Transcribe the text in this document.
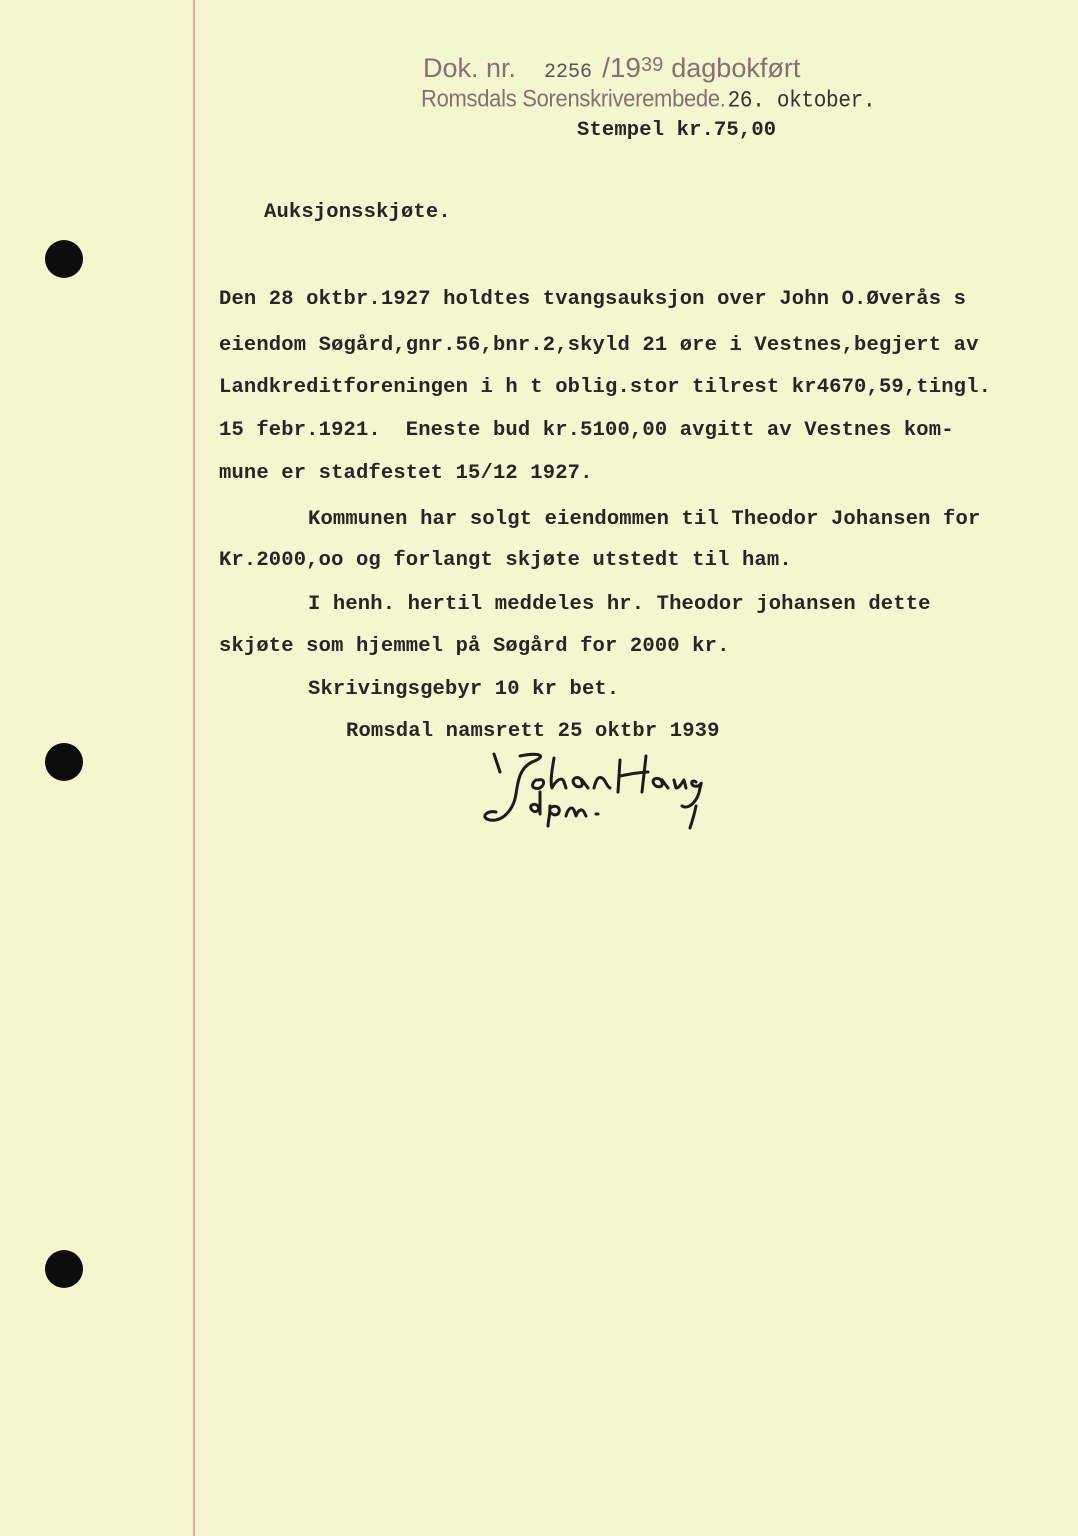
Dok. nr. 2256 $/19^{39}$ dagbokført
Romsdals Sorenskriverembede.26. oktober.
Stempel kr.75,00
Auksjonsskjøte.
Den 28 oktbr.1927 holdtes tvangsauksjon over John O.Øverås s
eiendom Søgård,gnr.56,bnr.2,skyld 21 øre i Vestnes,begjert av
Landkreditforeningen i h t oblig.stor tilrest kr4670,59,tingl.
15 febr.1921.  Eneste bud kr.5100,00 avgitt av Vestnes kom-
mune er stadfestet 15/12 1927.
Kommunen har solgt eiendommen til Theodor Johansen for
Kr.2000,oo og forlangt skjøte utstedt til ham.
I henh. hertil meddeles hr. Theodor johansen dette
skjøte som hjemmel på Søgård for 2000 kr.
Skrivingsgebyr 10 kr bet.
Romsdal namsrett 25 oktbr 1939
